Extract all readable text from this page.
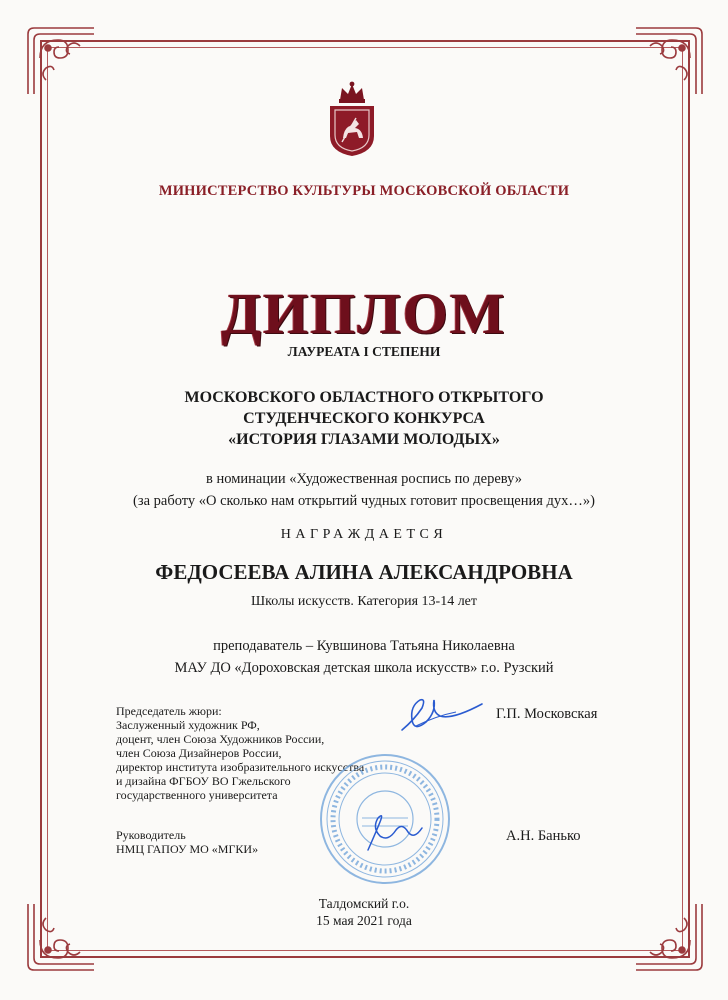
МИНИСТЕРСТВО КУЛЬТУРЫ МОСКОВСКОЙ ОБЛАСТИ
ДИПЛОМ
ЛАУРЕАТА I СТЕПЕНИ
МОСКОВСКОГО ОБЛАСТНОГО ОТКРЫТОГО
СТУДЕНЧЕСКОГО КОНКУРСА
«ИСТОРИЯ ГЛАЗАМИ МОЛОДЫХ»
в номинации «Художественная роспись по дереву»
(за работу «О сколько нам открытий чудных готовит просвещения дух…»)
НАГРАЖДАЕТСЯ
ФЕДОСЕЕВА АЛИНА АЛЕКСАНДРОВНА
Школы искусств. Категория 13-14 лет
преподаватель – Кувшинова Татьяна Николаевна
МАУ ДО «Дороховская детская школа искусств» г.о. Рузский
Председатель жюри:
Заслуженный художник РФ,
доцент, член Союза Художников России,
член Союза Дизайнеров России,
директор института изобразительного искусства
и дизайна ФГБОУ ВО Гжельского
государственного университета
Г.П. Московская
Руководитель
НМЦ ГАПОУ МО «МГКИ»
А.Н. Банько
Талдомский г.о.
15 мая 2021 года
